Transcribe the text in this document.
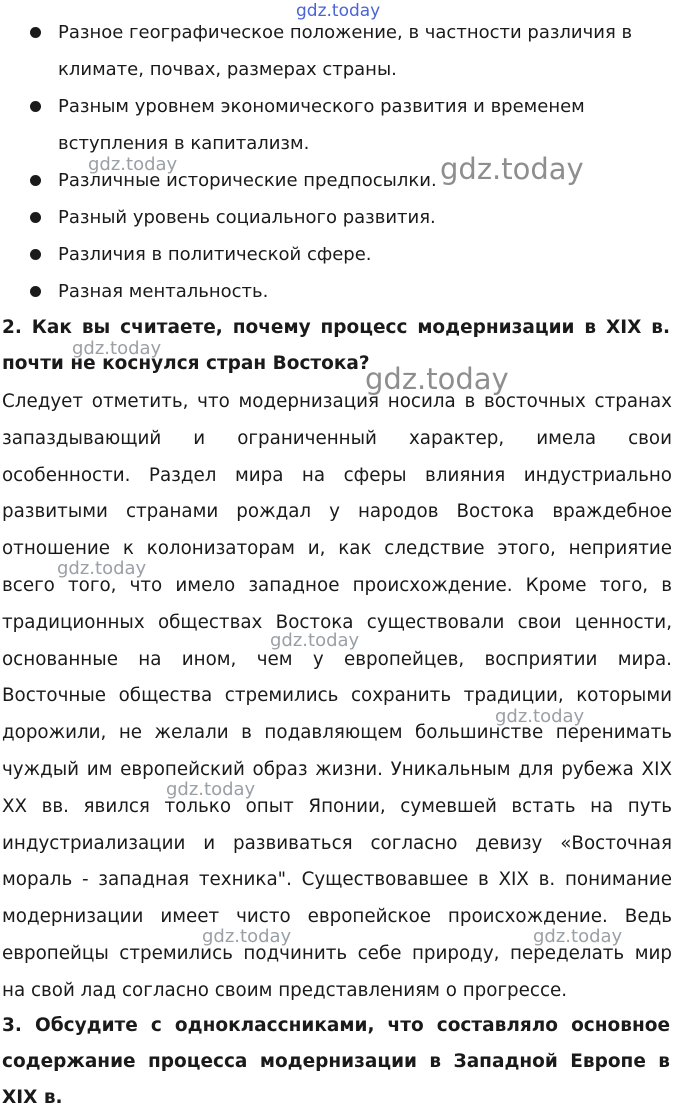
Разное географическое положение, в частности различия в климате, почвах, размерах страны.
Разным уровнем экономического развития и временем вступления в капитализм.
Различные исторические предпосылки.
Разный уровень социального развития.
Различия в политической сфере.
Разная ментальность.
2. Как вы считаете, почему процесс модернизации в XIX в.
почти не коснулся стран Востока?

Следует отметить, что модернизация носила в восточных странах запаздывающий и ограниченный характер, имела свои особенности. Раздел мира на сферы влияния индустриально развитыми странами рождал у народов Востока враждебное отношение к колонизаторам и, как следствие этого, неприятие всего того, что имело западное происхождение. Кроме того, в традиционных обществах Востока существовали свои ценности, основанные на ином, чем у европейцев, восприятии мира. Восточные общества стремились сохранить традиции, которыми дорожили, не желали в подавляющем большинстве перенимать чуждый им европейский образ жизни. Уникальным для рубежа XIX XX вв. явился только опыт Японии, сумевшей встать на путь индустриализации и развиваться согласно девизу «Восточная мораль - западная техника". Существовавшее в XIX в. понимание модернизации имеет чисто европейское происхождение. Ведь европейцы стремились подчинить себе природу, переделать мир на свой лад согласно своим представлениям о прогрессе.

3. Обсудите с одноклассниками, что составляло основное
содержание процесса модернизации в Западной Европе в
XIX в.
gdz.today
gdz.today	gdz.today
gdz.today
gdz.today
gdz.today
gdz.today
gdz.today
gdz.today
gdz.today	gdz.today
